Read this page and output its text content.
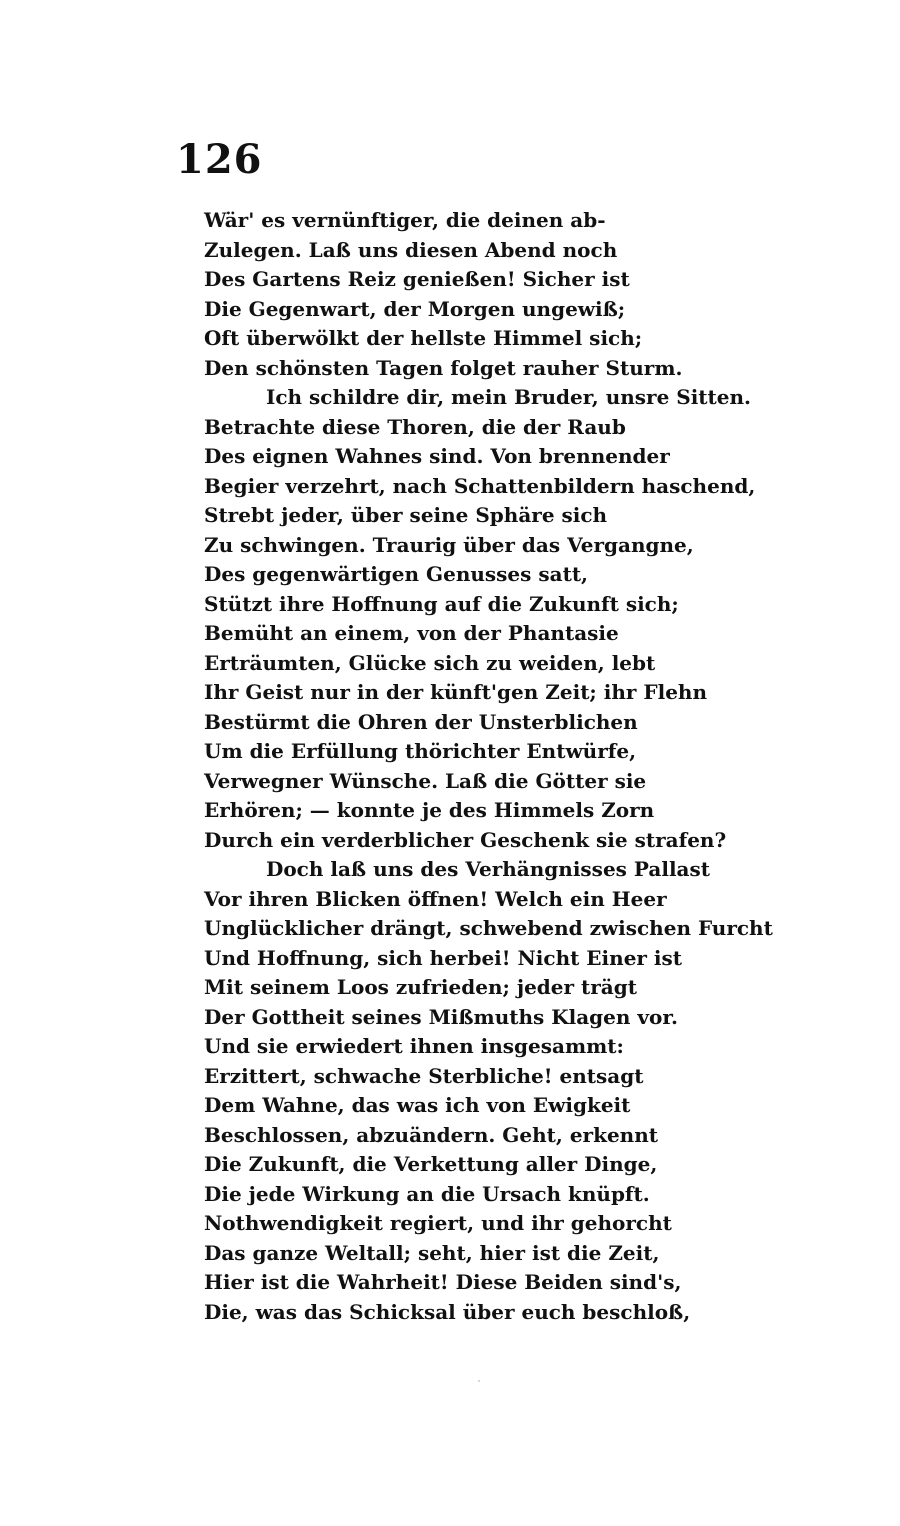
126
Wär' es vernünftiger, die deinen ab-
Zulegen. Laß uns diesen Abend noch
Des Gartens Reiz genießen! Sicher ist
Die Gegenwart, der Morgen ungewiß;
Oft überwölkt der hellste Himmel sich;
Den schönsten Tagen folget rauher Sturm.
Ich schildre dir, mein Bruder, unsre Sitten.
Betrachte diese Thoren, die der Raub
Des eignen Wahnes sind. Von brennender
Begier verzehrt, nach Schattenbildern haschend,
Strebt jeder, über seine Sphäre sich
Zu schwingen. Traurig über das Vergangne,
Des gegenwärtigen Genusses satt,
Stützt ihre Hoffnung auf die Zukunft sich;
Bemüht an einem, von der Phantasie
Erträumten, Glücke sich zu weiden, lebt
Ihr Geist nur in der künft'gen Zeit; ihr Flehn
Bestürmt die Ohren der Unsterblichen
Um die Erfüllung thörichter Entwürfe,
Verwegner Wünsche. Laß die Götter sie
Erhören; — konnte je des Himmels Zorn
Durch ein verderblicher Geschenk sie strafen?
Doch laß uns des Verhängnisses Pallast
Vor ihren Blicken öffnen! Welch ein Heer
Unglücklicher drängt, schwebend zwischen Furcht
Und Hoffnung, sich herbei! Nicht Einer ist
Mit seinem Loos zufrieden; jeder trägt
Der Gottheit seines Mißmuths Klagen vor.
Und sie erwiedert ihnen insgesammt:
Erzittert, schwache Sterbliche! entsagt
Dem Wahne, das was ich von Ewigkeit
Beschlossen, abzuändern. Geht, erkennt
Die Zukunft, die Verkettung aller Dinge,
Die jede Wirkung an die Ursach knüpft.
Nothwendigkeit regiert, und ihr gehorcht
Das ganze Weltall; seht, hier ist die Zeit,
Hier ist die Wahrheit! Diese Beiden sind's,
Die, was das Schicksal über euch beschloß,
